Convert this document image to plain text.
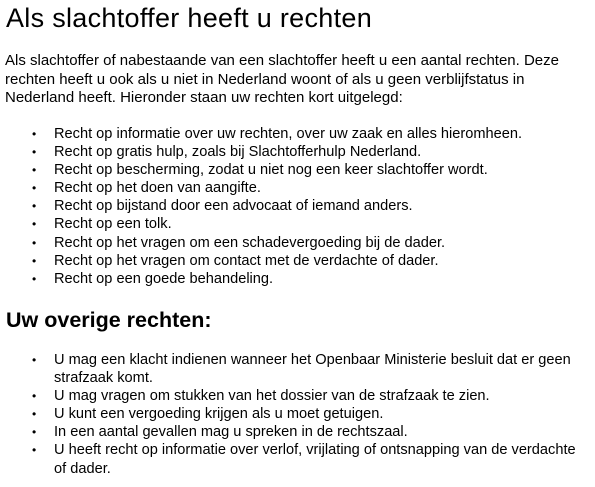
Als slachtoffer heeft u rechten

Als slachtoffer of nabestaande van een slachtoffer heeft u een aantal rechten. Deze rechten heeft u ook als u niet in Nederland woont of als u geen verblijfstatus in Nederland heeft. Hieronder staan uw rechten kort uitgelegd:

• Recht op informatie over uw rechten, over uw zaak en alles hieromheen.
• Recht op gratis hulp, zoals bij Slachtofferhulp Nederland.
• Recht op bescherming, zodat u niet nog een keer slachtoffer wordt.
• Recht op het doen van aangifte.
• Recht op bijstand door een advocaat of iemand anders.
• Recht op een tolk.
• Recht op het vragen om een schadevergoeding bij de dader.
• Recht op het vragen om contact met de verdachte of dader.
• Recht op een goede behandeling.
Uw overige rechten:
• U mag een klacht indienen wanneer het Openbaar Ministerie besluit dat er geen strafzaak komt.
• U mag vragen om stukken van het dossier van de strafzaak te zien.
• U kunt een vergoeding krijgen als u moet getuigen.
• In een aantal gevallen mag u spreken in de rechtszaal.
• U heeft recht op informatie over verlof, vrijlating of ontsnapping van de verdachte of dader.
